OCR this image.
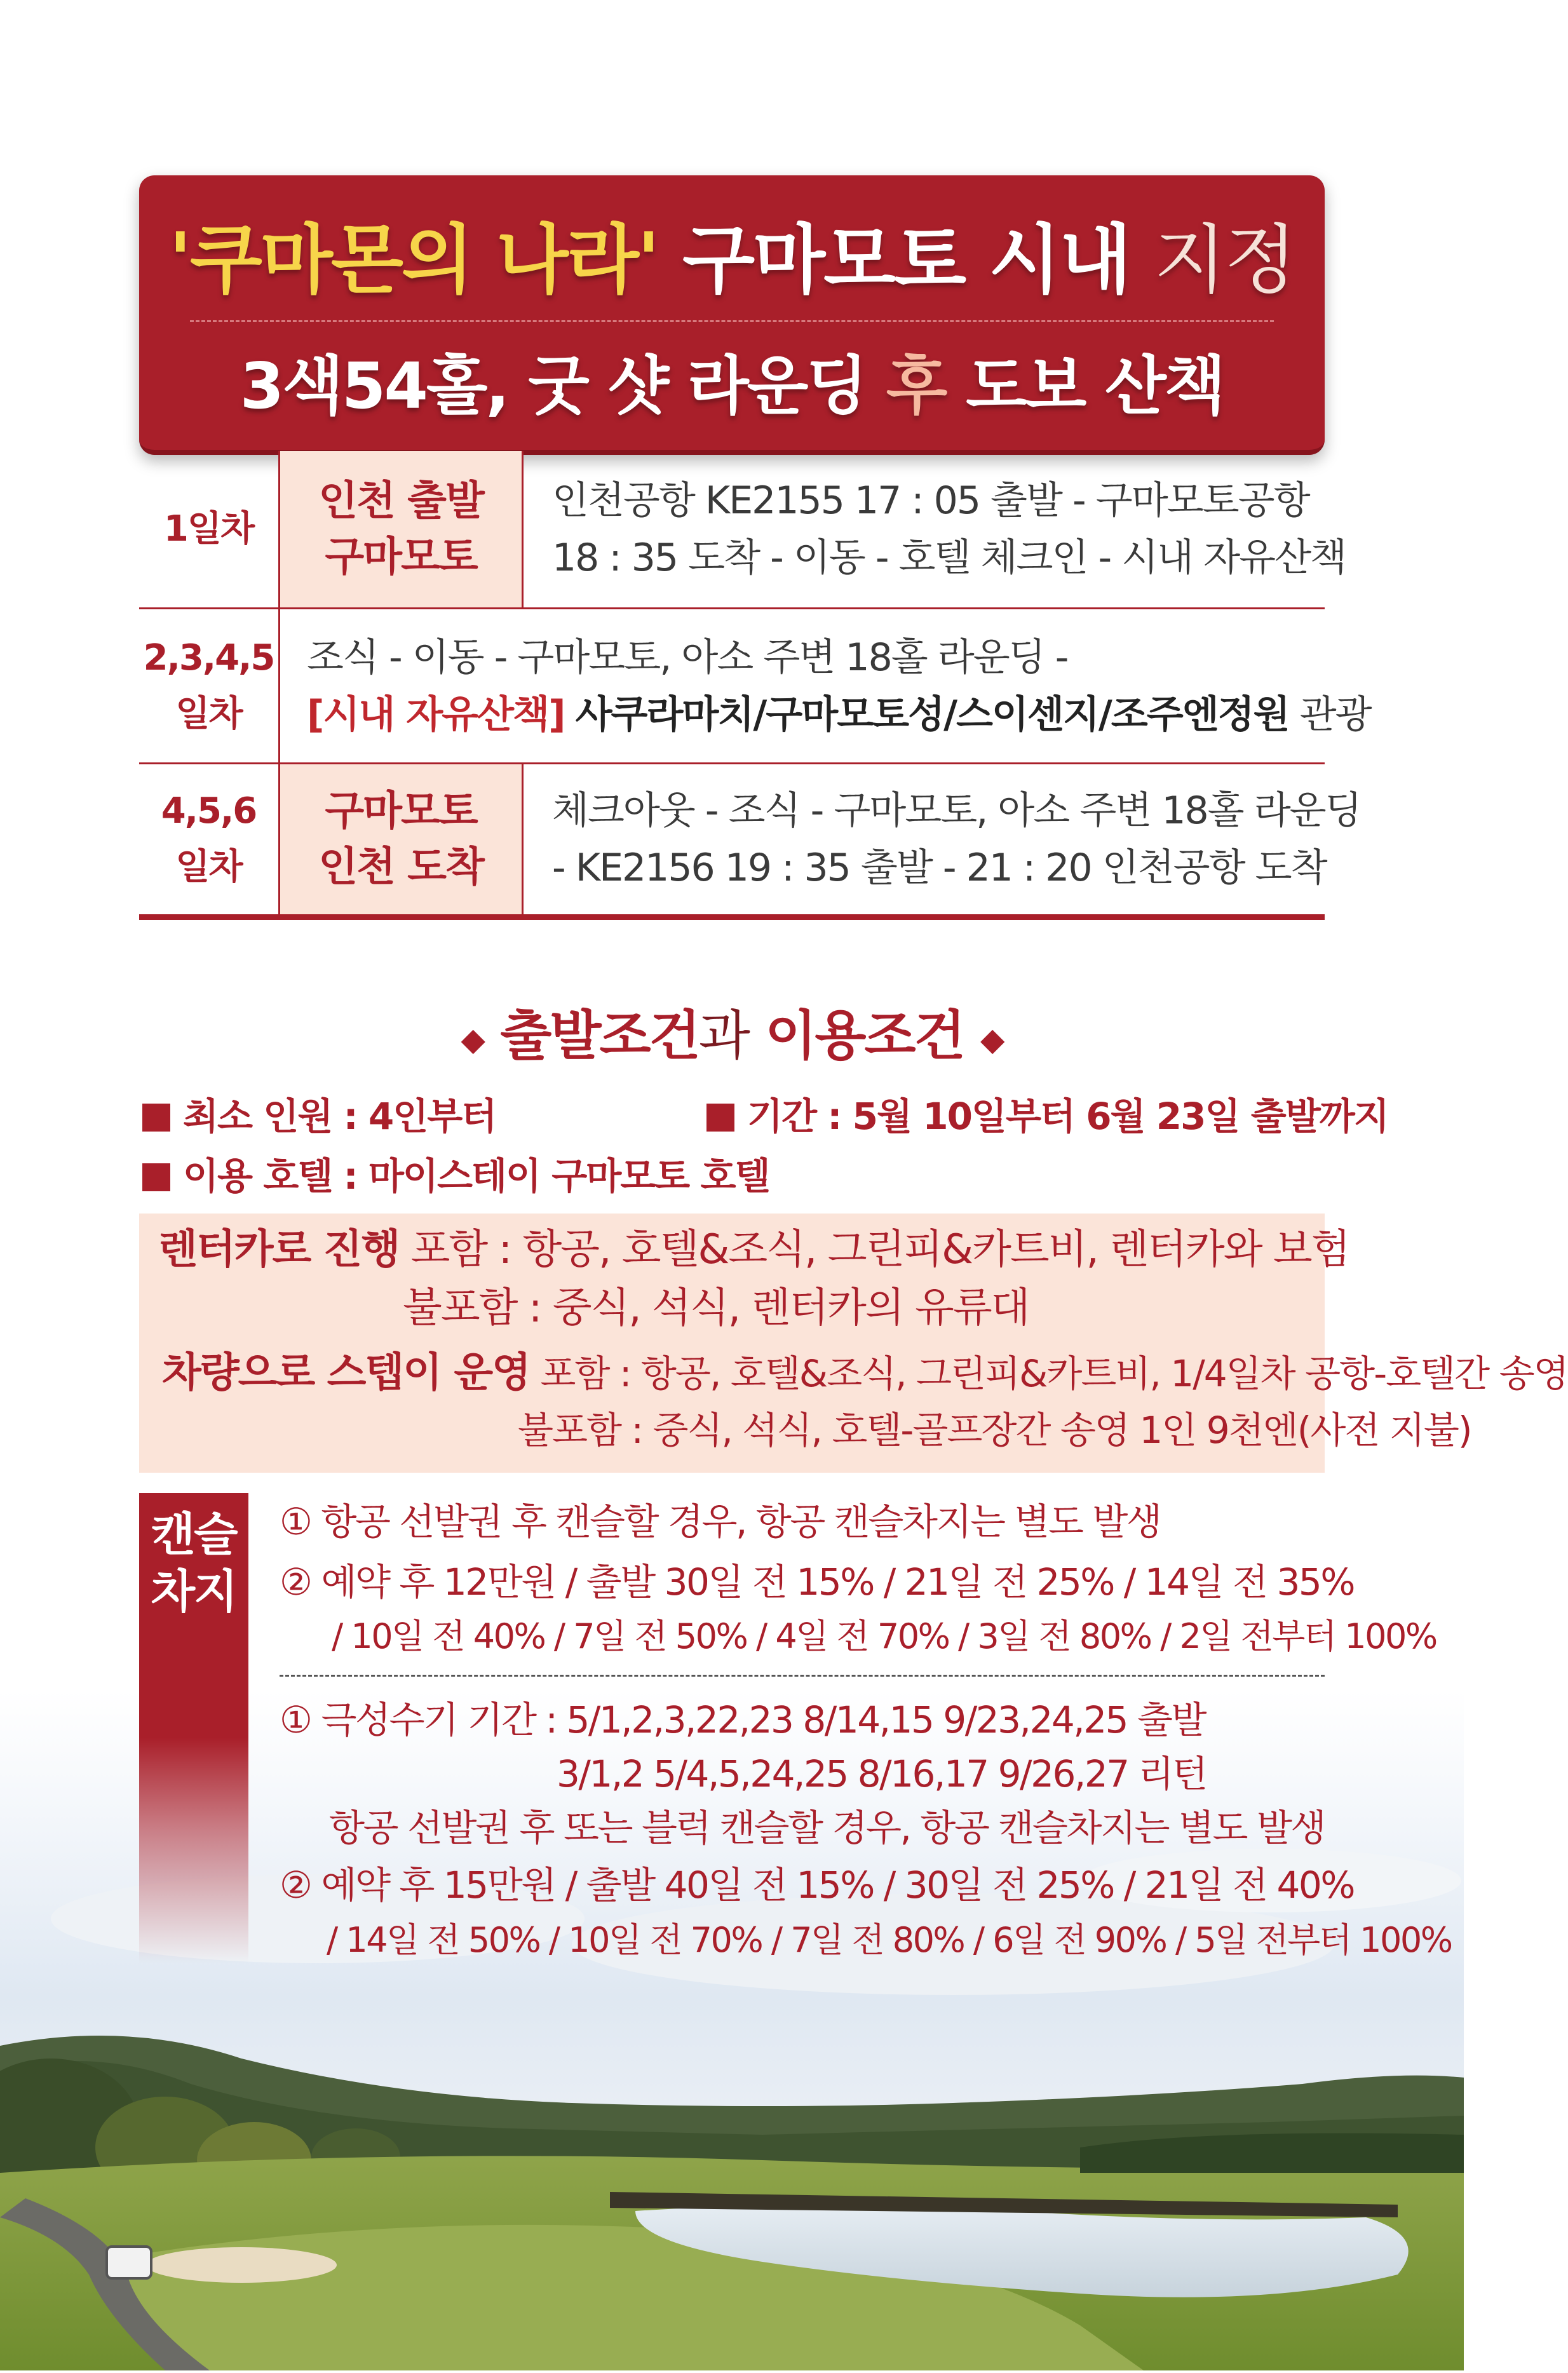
'쿠마몬의 나라' 구마모토 시내 지정
3색54홀, 굿 샷 라운딩 후 도보 산책
1일차
인천 출발
구마모토
인천공항 KE2155 17 : 05 출발 - 구마모토공항
18 : 35 도착 - 이동 - 호텔 체크인 - 시내 자유산책
2,3,4,5
일차
조식 - 이동 - 구마모토, 아소 주변 18홀 라운딩 -
[시내 자유산책] 사쿠라마치/구마모토성/스이센지/조주엔정원 관광
4,5,6
일차
구마모토
인천 도착
체크아웃 - 조식 - 구마모토, 아소 주변 18홀 라운딩
- KE2156 19 : 35 출발 - 21 : 20 인천공항 도착
◆ 출발조건과 이용조건 ◆
최소 인원 : 4인부터	기간 : 5월 10일부터 6월 23일 출발까지
이용 호텔 : 마이스테이 구마모토 호텔
렌터카로 진행 포함 : 항공, 호텔&조식, 그린피&카트비, 렌터카와 보험
불포함 : 중식, 석식, 렌터카의 유류대
차량으로 스텝이 운영 포함 : 항공, 호텔&조식, 그린피&카트비, 1/4일차 공항-호텔간 송영
불포함 : 중식, 석식, 호텔-골프장간 송영 1인 9천엔(사전 지불)
캔슬
차지
① 항공 선발권 후 캔슬할 경우, 항공 캔슬차지는 별도 발생
② 예약 후 12만원 / 출발 30일 전 15% / 21일 전 25% / 14일 전 35%
/ 10일 전 40% / 7일 전 50% / 4일 전 70% / 3일 전 80% / 2일 전부터 100%
① 극성수기 기간 : 5/1,2,3,22,23 8/14,15 9/23,24,25 출발
3/1,2 5/4,5,24,25 8/16,17 9/26,27 리턴
항공 선발권 후 또는 블럭 캔슬할 경우, 항공 캔슬차지는 별도 발생
② 예약 후 15만원 / 출발 40일 전 15% / 30일 전 25% / 21일 전 40%
/ 14일 전 50% / 10일 전 70% / 7일 전 80% / 6일 전 90% / 5일 전부터 100%
